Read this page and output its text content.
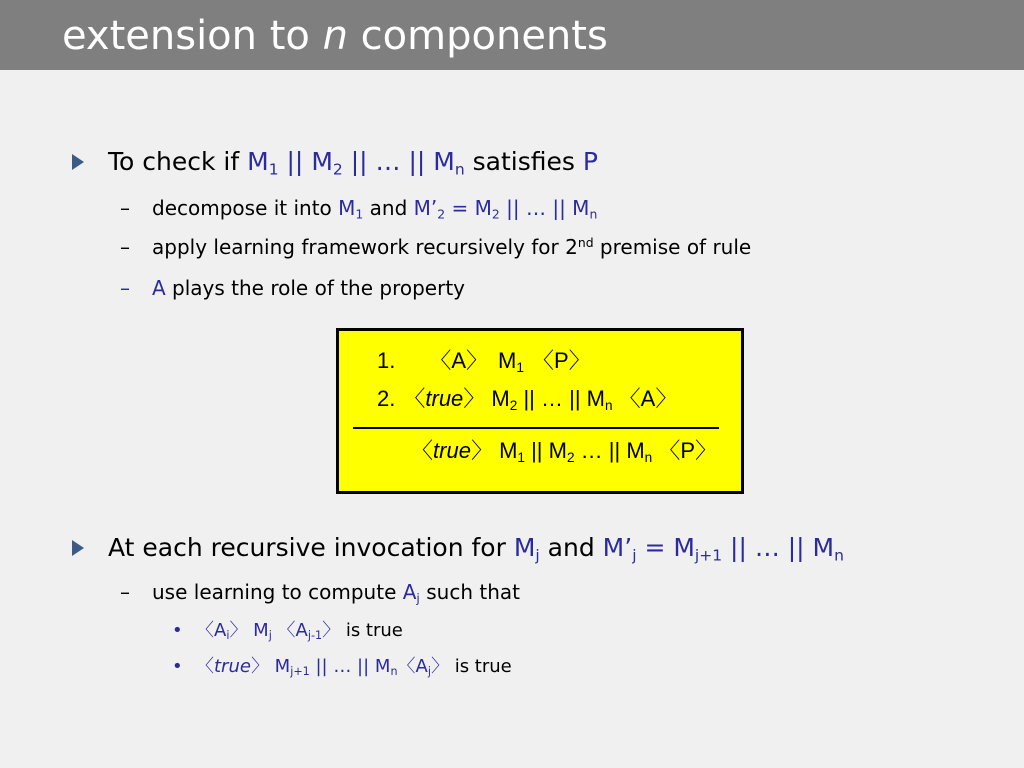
extension to n components
To check if $M_1$ || $M_2$ || … || $M_n$ satisfies P
– decompose it into $M_1$ and $M’_2 = M_2$ || … || $M_n$
– apply learning framework recursively for 2nd premise of rule
– A plays the role of the property
1. 〈A〉 $M_1$ 〈P〉
2. 〈true〉 $M_2$ || … || $M_n$ 〈A〉
〈true〉 $M_1$ || $M_2$ … || $M_n$ 〈P〉
At each recursive invocation for $M_j$ and $M’_j = M_{j+1}$ || … || $M_n$
– use learning to compute $A_j$ such that
• 〈$A_i$〉 $M_j$ 〈$A_{j-1}$〉 is true
• 〈true〉 $M_{j+1}$ || … || $M_n$〈$A_j$〉 is true
